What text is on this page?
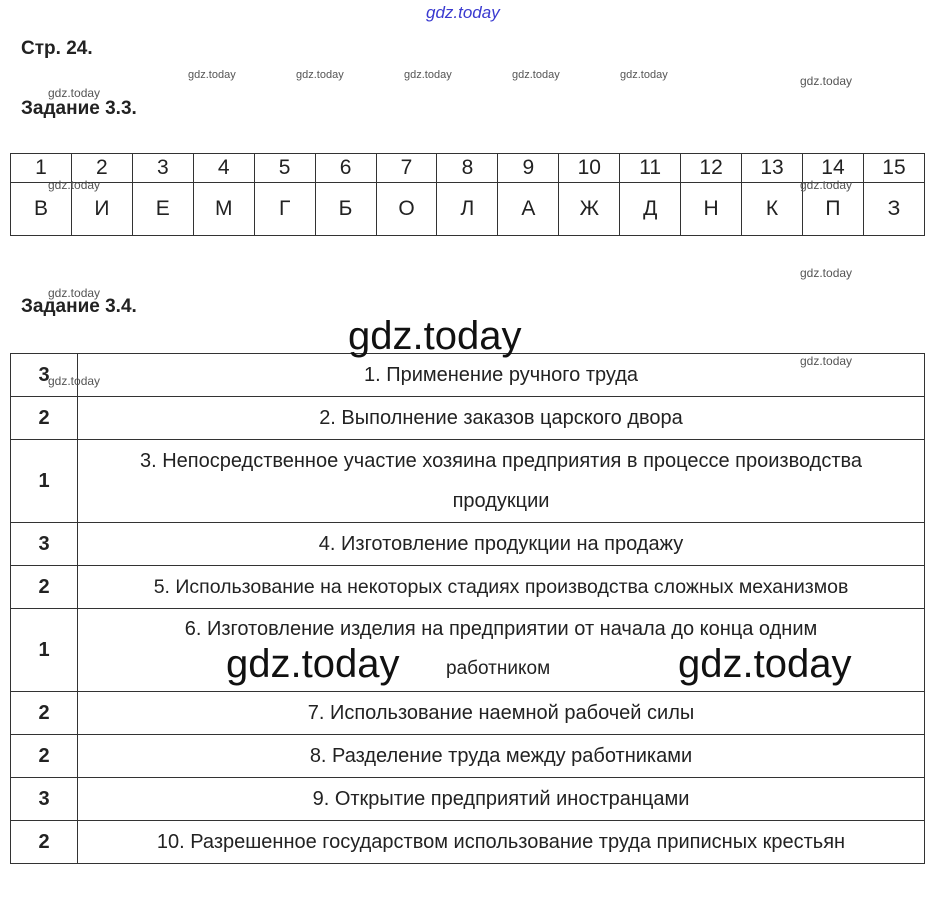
gdz.today
Стр. 24.
gdz.today	gdz.today	gdz.today	gdz.today	gdz.today	gdz.today
gdz.today
Задание 3.3.
1	2	3	4	5	6	7	8	9	10	11	12	13	14	15
В	И	Е	М	Г	Б	О	Л	А	Ж	Д	Н	К	П	З
gdz.today	gdz.today
gdz.today
gdz.today
Задание 3.4.
3	1. Применение ручного труда
2	2. Выполнение заказов царского двора
1	3. Непосредственное участие хозяина предприятия в процессе производства продукции
3	4. Изготовление продукции на продажу
2	5. Использование на некоторых стадиях производства сложных механизмов
1	6. Изготовление изделия на предприятии от начала до конца одним
gdz.today работником gdz.today

2	7. Использование наемной рабочей силы
2	8. Разделение труда между работниками
3	9. Открытие предприятий иностранцами
2	10. Разрешенное государством использование труда приписных крестьян
gdz.today
gdz.today
gdz.today
